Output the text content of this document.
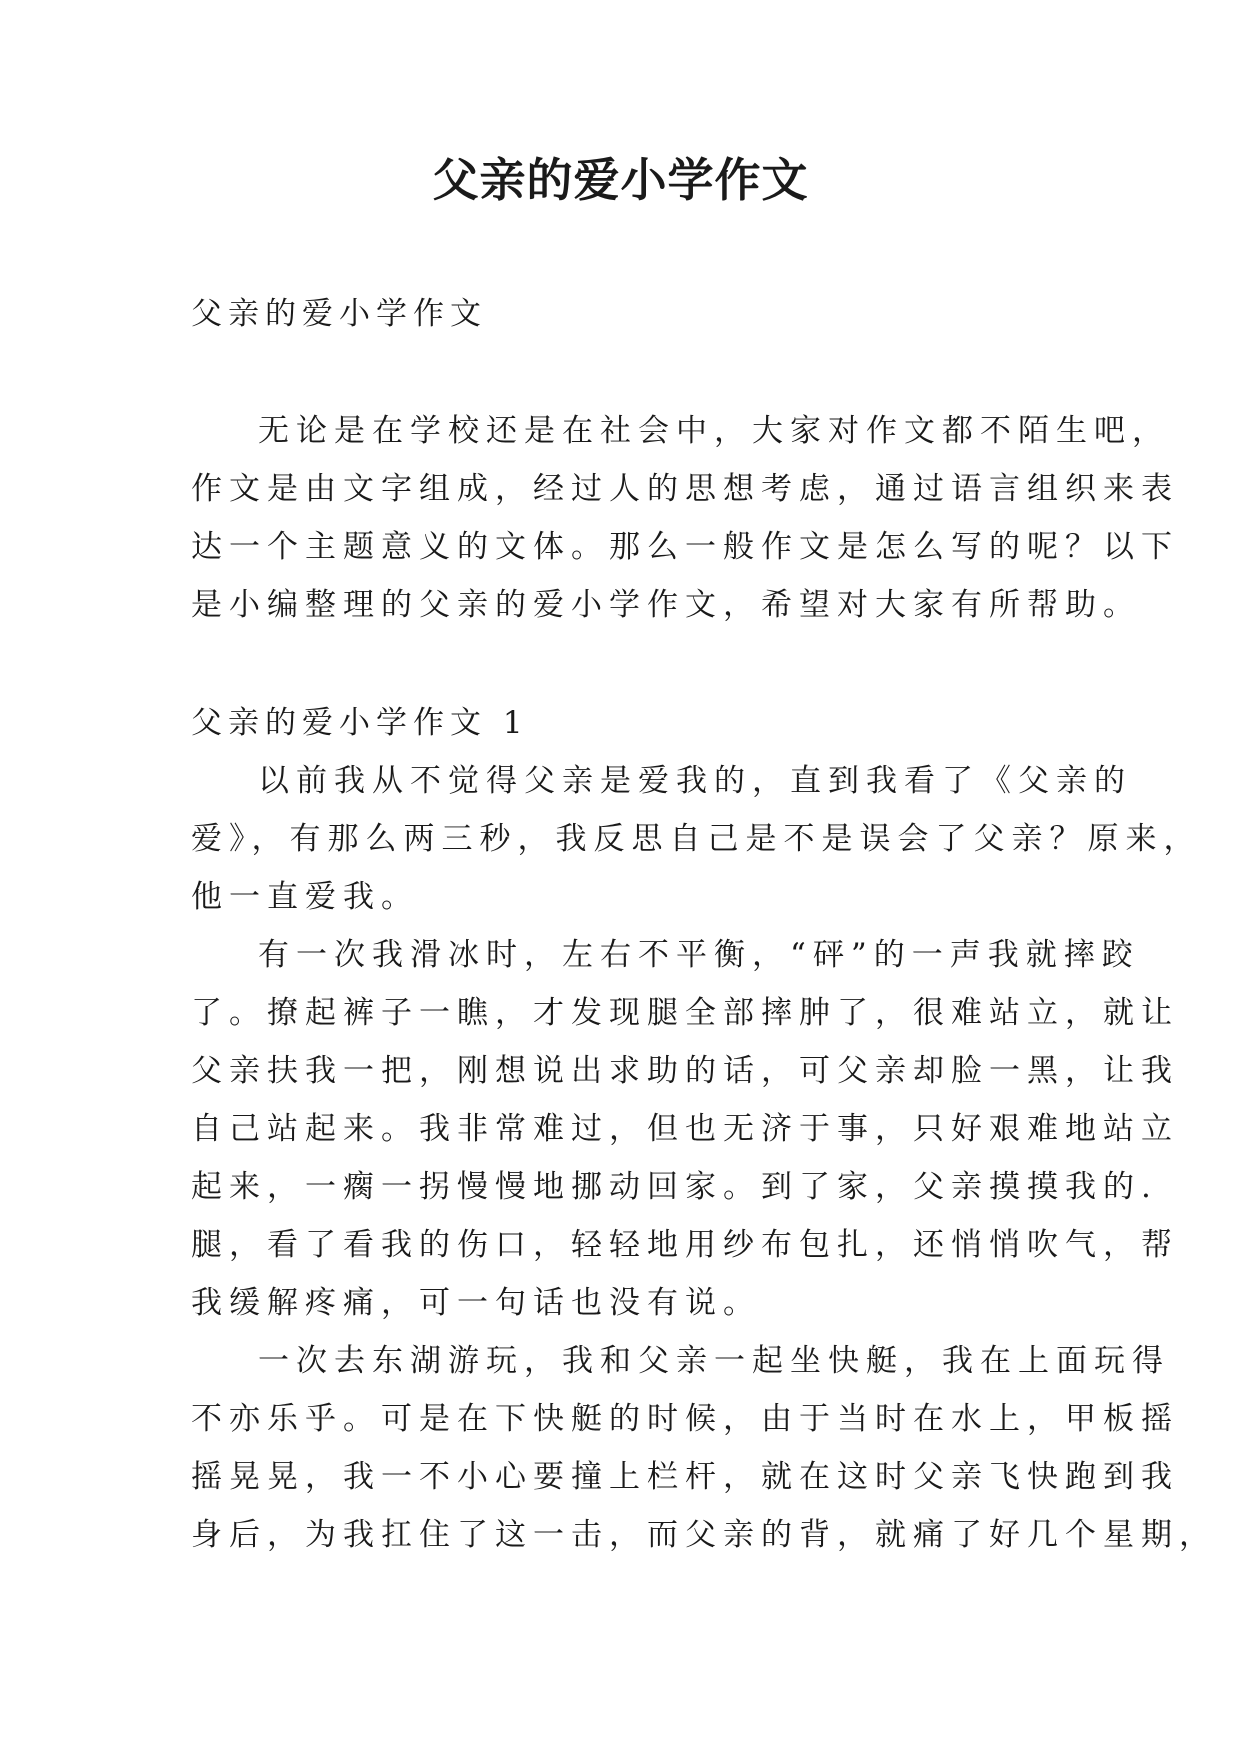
父亲的爱小学作文
父亲的爱小学作文
无论是在学校还是在社会中，大家对作文都不陌生吧，
作文是由文字组成，经过人的思想考虑，通过语言组织来表
达一个主题意义的文体。那么一般作文是怎么写的呢？以下
是小编整理的父亲的爱小学作文，希望对大家有所帮助。
父亲的爱小学作文 1
以前我从不觉得父亲是爱我的，直到我看了《父亲的
爱》，有那么两三秒，我反思自己是不是误会了父亲？原来，
他一直爱我。
有一次我滑冰时，左右不平衡，“砰”的一声我就摔跤
了。撩起裤子一瞧，才发现腿全部摔肿了，很难站立，就让
父亲扶我一把，刚想说出求助的话，可父亲却脸一黑，让我
自己站起来。我非常难过，但也无济于事，只好艰难地站立
起来，一瘸一拐慢慢地挪动回家。到了家，父亲摸摸我的.
腿，看了看我的伤口，轻轻地用纱布包扎，还悄悄吹气，帮
我缓解疼痛，可一句话也没有说。
一次去东湖游玩，我和父亲一起坐快艇，我在上面玩得
不亦乐乎。可是在下快艇的时候，由于当时在水上，甲板摇
摇晃晃，我一不小心要撞上栏杆，就在这时父亲飞快跑到我
身后，为我扛住了这一击，而父亲的背，就痛了好几个星期，
